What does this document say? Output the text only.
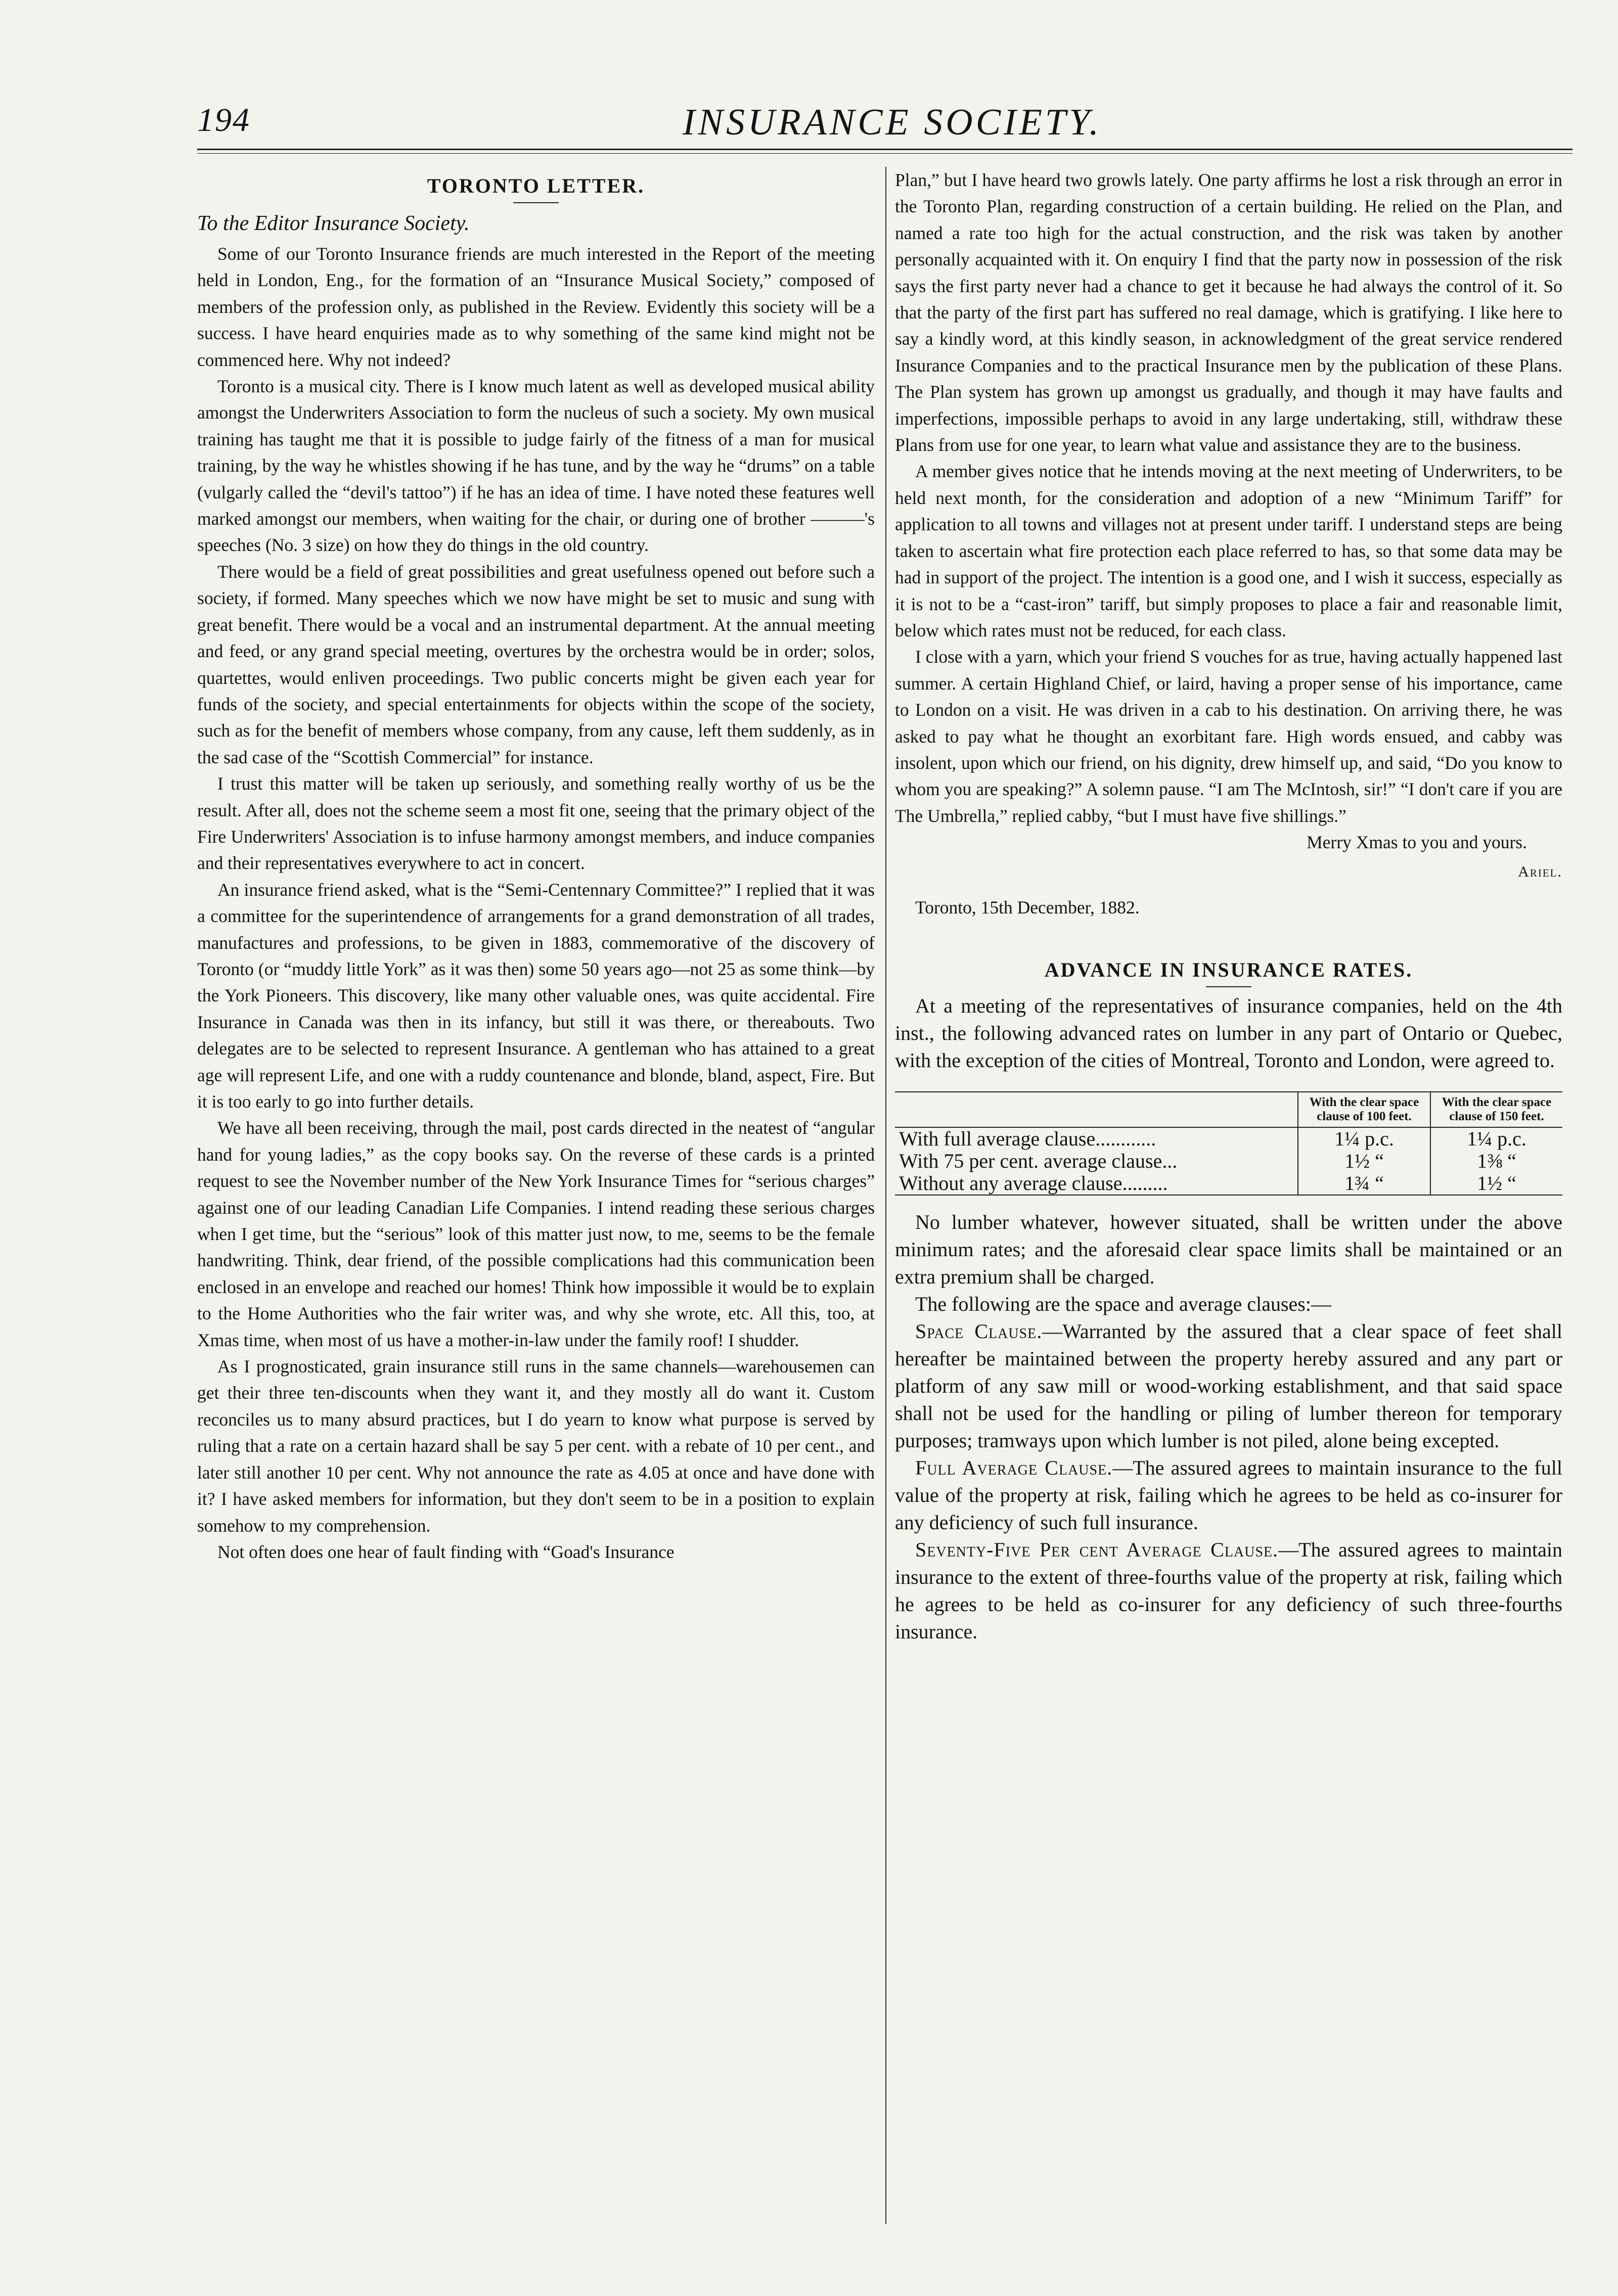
194	INSURANCE SOCIETY.
TORONTO LETTER.

To the Editor Insurance Society.

Some of our Toronto Insurance friends are much interested in the Report of the meeting held in London, Eng., for the formation of an “Insurance Musical Society,” composed of members of the profession only, as published in the Review. Evidently this society will be a success. I have heard enquiries made as to why something of the same kind might not be commenced here. Why not indeed?

Toronto is a musical city. There is I know much latent as well as developed musical ability amongst the Underwriters Association to form the nucleus of such a society. My own musical training has taught me that it is possible to judge fairly of the fitness of a man for musical training, by the way he whistles showing if he has tune, and by the way he “drums” on a table (vulgarly called the “devil's tattoo”) if he has an idea of time. I have noted these features well marked amongst our members, when waiting for the chair, or during one of brother ———'s speeches (No. 3 size) on how they do things in the old country.

There would be a field of great possibilities and great usefulness opened out before such a society, if formed. Many speeches which we now have might be set to music and sung with great benefit. There would be a vocal and an instrumental department. At the annual meeting and feed, or any grand special meeting, overtures by the orchestra would be in order; solos, quartettes, would enliven proceedings. Two public concerts might be given each year for funds of the society, and special entertainments for objects within the scope of the society, such as for the benefit of members whose company, from any cause, left them suddenly, as in the sad case of the “Scottish Commercial” for instance.

I trust this matter will be taken up seriously, and something really worthy of us be the result. After all, does not the scheme seem a most fit one, seeing that the primary object of the Fire Underwriters' Association is to infuse harmony amongst members, and induce companies and their representatives everywhere to act in concert.

An insurance friend asked, what is the “Semi-Centennary Committee?” I replied that it was a committee for the superintendence of arrangements for a grand demonstration of all trades, manufactures and professions, to be given in 1883, commemorative of the discovery of Toronto (or “muddy little York” as it was then) some 50 years ago—not 25 as some think—by the York Pioneers. This discovery, like many other valuable ones, was quite accidental. Fire Insurance in Canada was then in its infancy, but still it was there, or thereabouts. Two delegates are to be selected to represent Insurance. A gentleman who has attained to a great age will represent Life, and one with a ruddy countenance and blonde, bland, aspect, Fire. But it is too early to go into further details.

We have all been receiving, through the mail, post cards directed in the neatest of “angular hand for young ladies,” as the copy books say. On the reverse of these cards is a printed request to see the November number of the New York Insurance Times for “serious charges” against one of our leading Canadian Life Companies. I intend reading these serious charges when I get time, but the “serious” look of this matter just now, to me, seems to be the female handwriting. Think, dear friend, of the possible complications had this communication been enclosed in an envelope and reached our homes! Think how impossible it would be to explain to the Home Authorities who the fair writer was, and why she wrote, etc. All this, too, at Xmas time, when most of us have a mother-in-law under the family roof! I shudder.

As I prognosticated, grain insurance still runs in the same channels—warehousemen can get their three ten-discounts when they want it, and they mostly all do want it. Custom reconciles us to many absurd practices, but I do yearn to know what purpose is served by ruling that a rate on a certain hazard shall be say 5 per cent. with a rebate of 10 per cent., and later still another 10 per cent. Why not announce the rate as 4.05 at once and have done with it? I have asked members for information, but they don't seem to be in a position to explain somehow to my comprehension.

Not often does one hear of fault finding with “Goad's Insurance

Plan,” but I have heard two growls lately. One party affirms he lost a risk through an error in the Toronto Plan, regarding construction of a certain building. He relied on the Plan, and named a rate too high for the actual construction, and the risk was taken by another personally acquainted with it. On enquiry I find that the party now in possession of the risk says the first party never had a chance to get it because he had always the control of it. So that the party of the first part has suffered no real damage, which is gratifying. I like here to say a kindly word, at this kindly season, in acknowledgment of the great service rendered Insurance Companies and to the practical Insurance men by the publication of these Plans. The Plan system has grown up amongst us gradually, and though it may have faults and imperfections, impossible perhaps to avoid in any large undertaking, still, withdraw these Plans from use for one year, to learn what value and assistance they are to the business.

A member gives notice that he intends moving at the next meeting of Underwriters, to be held next month, for the consideration and adoption of a new “Minimum Tariff” for application to all towns and villages not at present under tariff. I understand steps are being taken to ascertain what fire protection each place referred to has, so that some data may be had in support of the project. The intention is a good one, and I wish it success, especially as it is not to be a “cast-iron” tariff, but simply proposes to place a fair and reasonable limit, below which rates must not be reduced, for each class.

I close with a yarn, which your friend S vouches for as true, having actually happened last summer. A certain Highland Chief, or laird, having a proper sense of his importance, came to London on a visit. He was driven in a cab to his destination. On arriving there, he was asked to pay what he thought an exorbitant fare. High words ensued, and cabby was insolent, upon which our friend, on his dignity, drew himself up, and said, “Do you know to whom you are speaking?” A solemn pause. “I am The McIntosh, sir!” “I don't care if you are The Umbrella,” replied cabby, “but I must have five shillings.”

Merry Xmas to you and yours.

Ariel.

Toronto, 15th December, 1882.

ADVANCE IN INSURANCE RATES.

At a meeting of the representatives of insurance companies, held on the 4th inst., the following advanced rates on lumber in any part of Ontario or Quebec, with the exception of the cities of Montreal, Toronto and London, were agreed to.

	With the clear space clause of 100 feet.	With the clear space clause of 150 feet.
With full average clause............	1¼ p.c.	1¼ p.c.
With 75 per cent. average clause...	1½ “	1⅜ “
Without any average clause.........	1¾ “	1½ “

No lumber whatever, however situated, shall be written under the above minimum rates; and the aforesaid clear space limits shall be maintained or an extra premium shall be charged.

The following are the space and average clauses:—

Space Clause.—Warranted by the assured that a clear space of feet shall hereafter be maintained between the property hereby assured and any part or platform of any saw mill or wood-working establishment, and that said space shall not be used for the handling or piling of lumber thereon for temporary purposes; tramways upon which lumber is not piled, alone being excepted.

Full Average Clause.—The assured agrees to maintain insurance to the full value of the property at risk, failing which he agrees to be held as co-insurer for any deficiency of such full insurance.

Seventy-Five Per cent Average Clause.—The assured agrees to maintain insurance to the extent of three-fourths value of the property at risk, failing which he agrees to be held as co-insurer for any deficiency of such three-fourths insurance.
